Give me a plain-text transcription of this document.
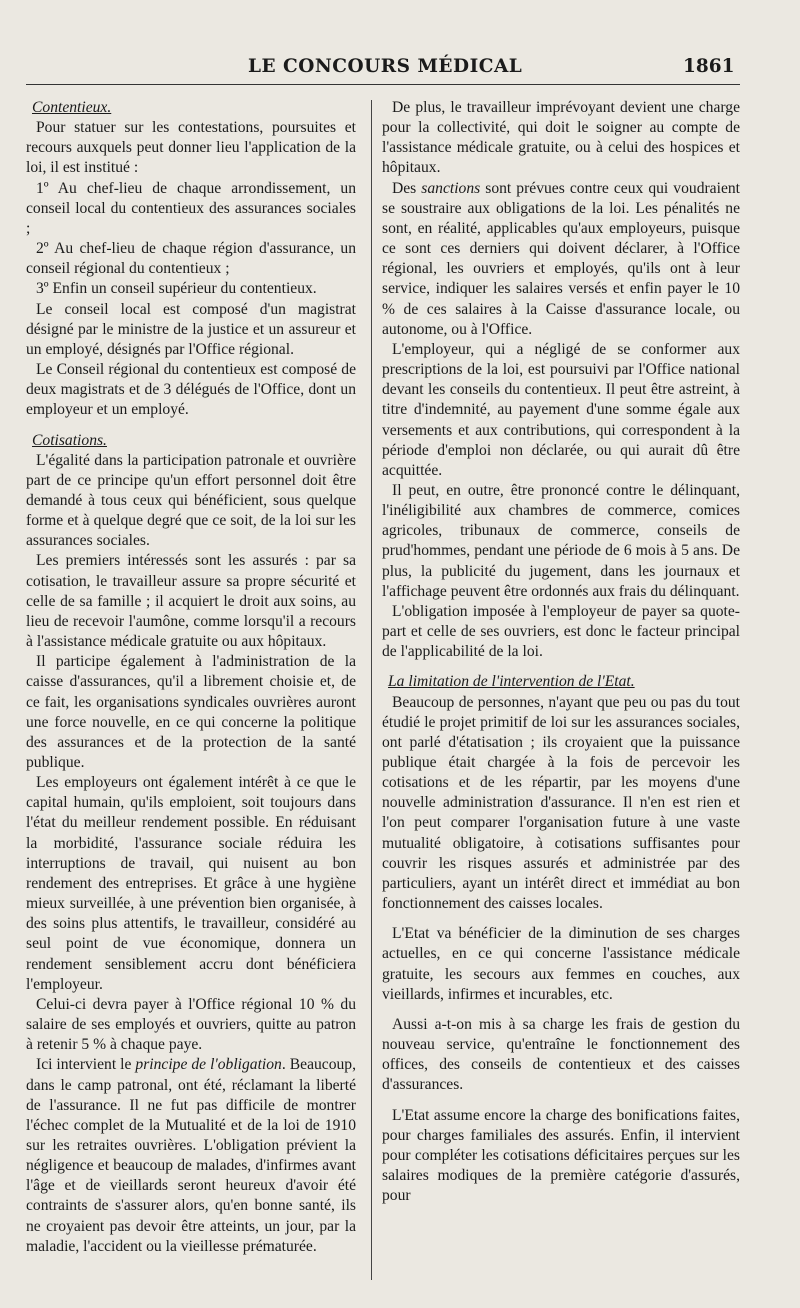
LE CONCOURS MÉDICAL	1861

Contentieux.

Pour statuer sur les contestations, poursuites et recours auxquels peut donner lieu l'application de la loi, il est institué :

1º Au chef-lieu de chaque arrondissement, un conseil local du contentieux des assurances sociales ;

2º Au chef-lieu de chaque région d'assurance, un conseil régional du contentieux ;

3º Enfin un conseil supérieur du contentieux.

Le conseil local est composé d'un magistrat désigné par le ministre de la justice et un assureur et un employé, désignés par l'Office régional.

Le Conseil régional du contentieux est composé de deux magistrats et de 3 délégués de l'Office, dont un employeur et un employé.

Cotisations.

L'égalité dans la participation patronale et ouvrière part de ce principe qu'un effort personnel doit être demandé à tous ceux qui bénéficient, sous quelque forme et à quelque degré que ce soit, de la loi sur les assurances sociales.

Les premiers intéressés sont les assurés : par sa cotisation, le travailleur assure sa propre sécurité et celle de sa famille ; il acquiert le droit aux soins, au lieu de recevoir l'aumône, comme lorsqu'il a recours à l'assistance médicale gratuite ou aux hôpitaux.

Il participe également à l'administration de la caisse d'assurances, qu'il a librement choisie et, de ce fait, les organisations syndicales ouvrières auront une force nouvelle, en ce qui concerne la politique des assurances et de la protection de la santé publique.

Les employeurs ont également intérêt à ce que le capital humain, qu'ils emploient, soit toujours dans l'état du meilleur rendement possible. En réduisant la morbidité, l'assurance sociale réduira les interruptions de travail, qui nuisent au bon rendement des entreprises. Et grâce à une hygiène mieux surveillée, à une prévention bien organisée, à des soins plus attentifs, le travailleur, considéré au seul point de vue économique, donnera un rendement sensiblement accru dont bénéficiera l'employeur.

Celui-ci devra payer à l'Office régional 10 % du salaire de ses employés et ouvriers, quitte au patron à retenir 5 % à chaque paye.

Ici intervient le principe de l'obligation. Beaucoup, dans le camp patronal, ont été, réclamant la liberté de l'assurance. Il ne fut pas difficile de montrer l'échec complet de la Mutualité et de la loi de 1910 sur les retraites ouvrières. L'obligation prévient la négligence et beaucoup de malades, d'infirmes avant l'âge et de vieillards seront heureux d'avoir été contraints de s'assurer alors, qu'en bonne santé, ils ne croyaient pas devoir être atteints, un jour, par la maladie, l'accident ou la vieillesse prématurée.

De plus, le travailleur imprévoyant devient une charge pour la collectivité, qui doit le soigner au compte de l'assistance médicale gratuite, ou à celui des hospices et hôpitaux.

Des sanctions sont prévues contre ceux qui voudraient se soustraire aux obligations de la loi. Les pénalités ne sont, en réalité, applicables qu'aux employeurs, puisque ce sont ces derniers qui doivent déclarer, à l'Office régional, les ouvriers et employés, qu'ils ont à leur service, indiquer les salaires versés et enfin payer le 10 % de ces salaires à la Caisse d'assurance locale, ou autonome, ou à l'Office.

L'employeur, qui a négligé de se conformer aux prescriptions de la loi, est poursuivi par l'Office national devant les conseils du contentieux. Il peut être astreint, à titre d'indemnité, au payement d'une somme égale aux versements et aux contributions, qui correspondent à la période d'emploi non déclarée, ou qui aurait dû être acquittée.

Il peut, en outre, être prononcé contre le délinquant, l'inéligibilité aux chambres de commerce, comices agricoles, tribunaux de commerce, conseils de prud'hommes, pendant une période de 6 mois à 5 ans. De plus, la publicité du jugement, dans les journaux et l'affichage peuvent être ordonnés aux frais du délinquant.

L'obligation imposée à l'employeur de payer sa quote-part et celle de ses ouvriers, est donc le facteur principal de l'applicabilité de la loi.

La limitation de l'intervention de l'Etat.

Beaucoup de personnes, n'ayant que peu ou pas du tout étudié le projet primitif de loi sur les assurances sociales, ont parlé d'étatisation ; ils croyaient que la puissance publique était chargée à la fois de percevoir les cotisations et de les répartir, par les moyens d'une nouvelle administration d'assurance. Il n'en est rien et l'on peut comparer l'organisation future à une vaste mutualité obligatoire, à cotisations suffisantes pour couvrir les risques assurés et administrée par des particuliers, ayant un intérêt direct et immédiat au bon fonctionnement des caisses locales.

L'Etat va bénéficier de la diminution de ses charges actuelles, en ce qui concerne l'assistance médicale gratuite, les secours aux femmes en couches, aux vieillards, infirmes et incurables, etc.

Aussi a-t-on mis à sa charge les frais de gestion du nouveau service, qu'entraîne le fonctionnement des offices, des conseils de contentieux et des caisses d'assurances.

L'Etat assume encore la charge des bonifications faites, pour charges familiales des assurés. Enfin, il intervient pour compléter les cotisations déficitaires perçues sur les salaires modiques de la première catégorie d'assurés, pour
